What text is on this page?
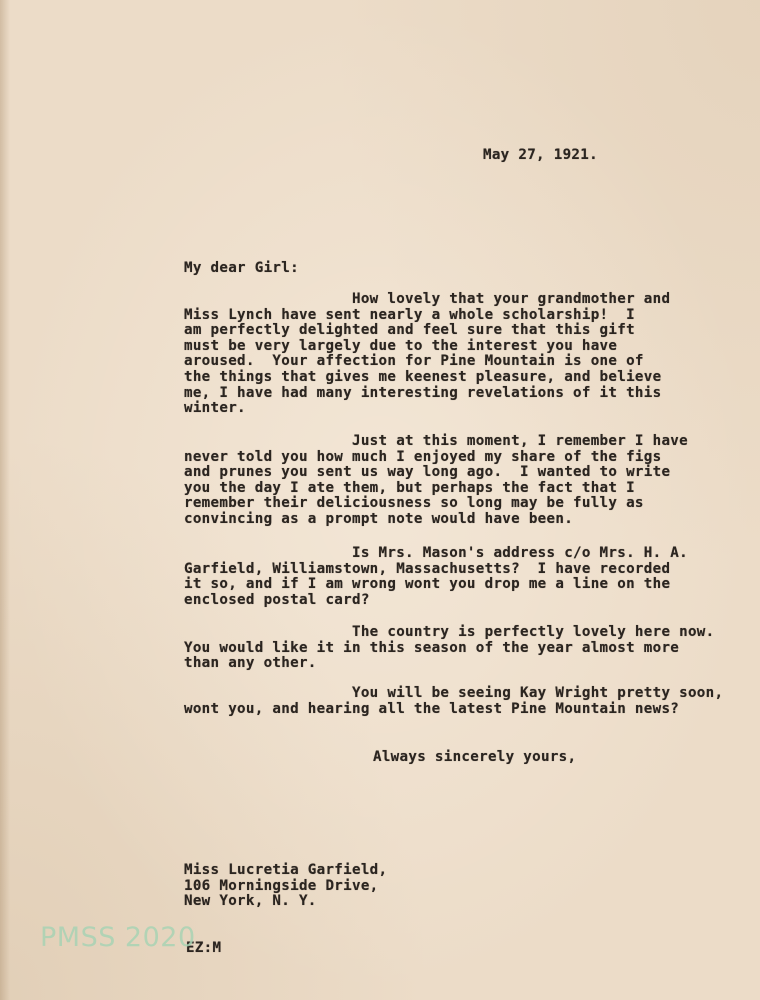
May 27, 1921.

My dear Girl:

How lovely that your grandmother and
Miss Lynch have sent nearly a whole scholarship!  I
am perfectly delighted and feel sure that this gift
must be very largely due to the interest you have
aroused.  Your affection for Pine Mountain is one of
the things that gives me keenest pleasure, and believe
me, I have had many interesting revelations of it this
winter.

Just at this moment, I remember I have
never told you how much I enjoyed my share of the figs
and prunes you sent us way long ago.  I wanted to write
you the day I ate them, but perhaps the fact that I
remember their deliciousness so long may be fully as
convincing as a prompt note would have been.

Is Mrs. Mason's address c/o Mrs. H. A.
Garfield, Williamstown, Massachusetts?  I have recorded
it so, and if I am wrong wont you drop me a line on the
enclosed postal card?

The country is perfectly lovely here now.
You would like it in this season of the year almost more
than any other.

You will be seeing Kay Wright pretty soon,
wont you, and hearing all the latest Pine Mountain news?

Always sincerely yours,

Miss Lucretia Garfield,
106 Morningside Drive,
New York, N. Y.

EZ:M

PMSS 2020
